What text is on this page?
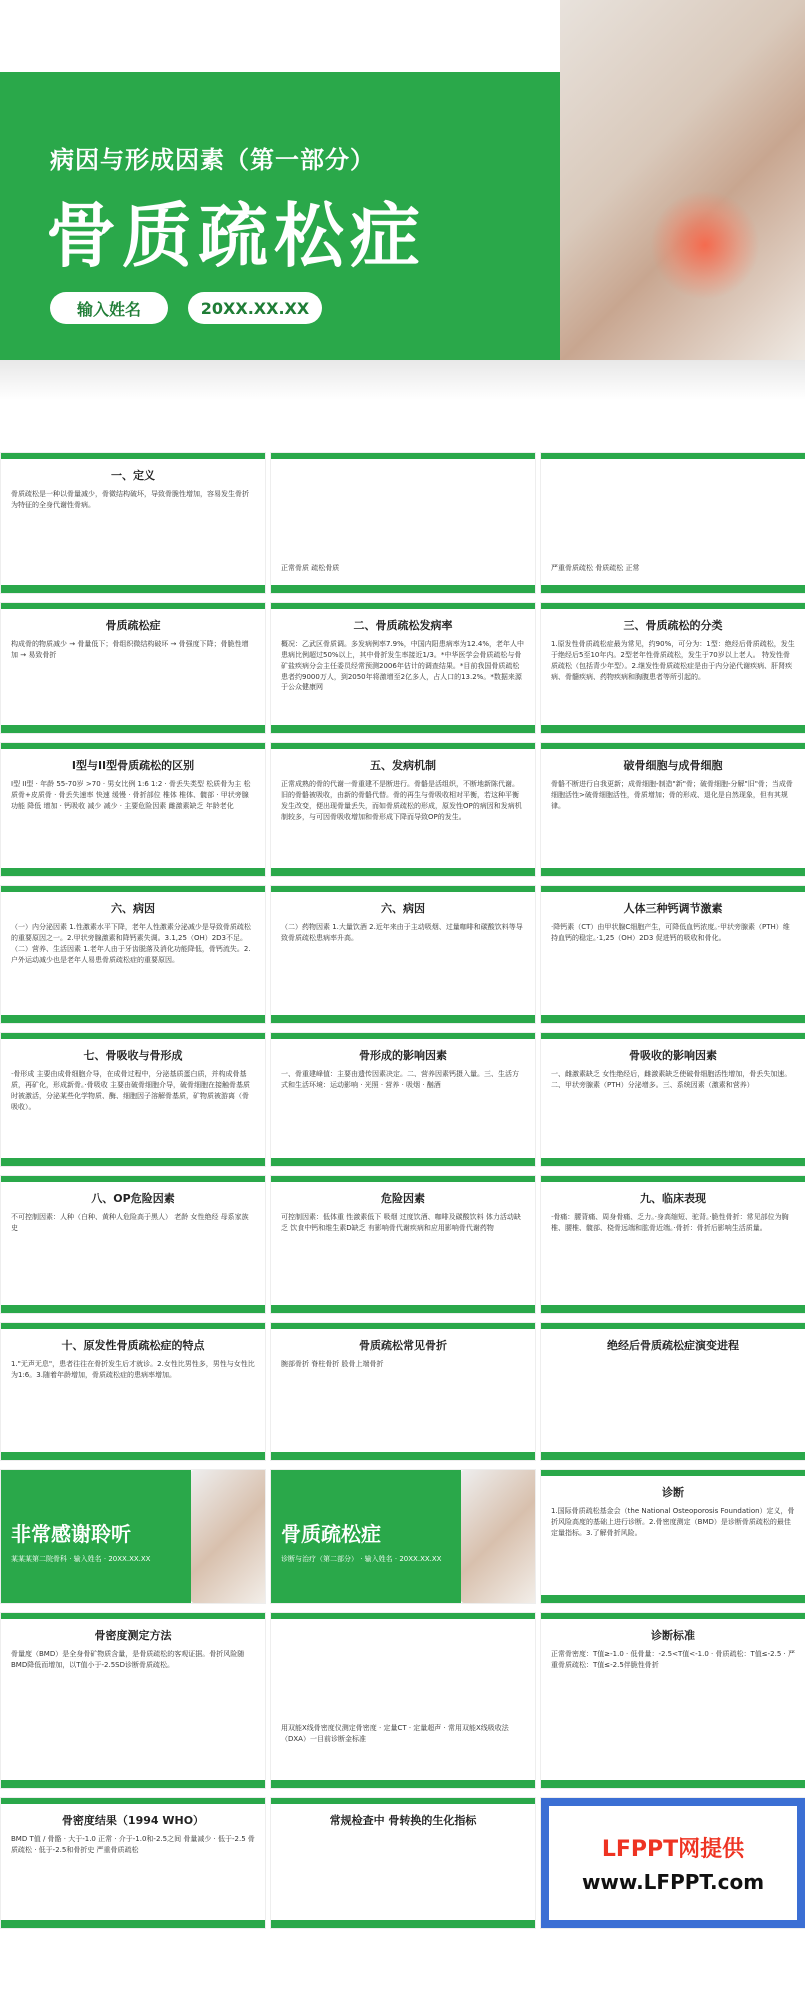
病因与形成因素（第一部分）
骨质疏松症
输入姓名	20XX.XX.XX
一、定义
骨质疏松是一种以骨量减少，骨微结构破坏，导致骨脆性增加，容易发生骨折为特征的全身代谢性骨病。
正常骨质 疏松骨质	严重骨质疏松 骨质疏松 正常
骨质疏松症
构成骨的物质减少 → 骨量低下；骨组织微结构破坏 → 骨强度下降；骨脆性增加 → 易致骨折
二、骨质疏松发病率
概况：乙武区骨质调。多发病例率7.9%，中国内阳患病率为12.4%，老年人中患病比例超过50%以上，其中骨折发生率接近1/3。*中华医学会骨质疏松与骨矿盐疾病分会主任委员经常预测2006年估计的调查结果。*目前我国骨质疏松患者约9000万人，到2050年将激增至2亿多人，占人口的13.2%。*数据来源于公众健康网
三、骨质疏松的分类
1.原发性骨质疏松症最为常见，约90%，可分为：1型：绝经后骨质疏松，发生于绝经后5至10年内。2型老年性骨质疏松，发生于70岁以上老人。 特发性骨质疏松（包括青少年型）。2.继发性骨质疏松症是由于内分泌代谢疾病、肝肾疾病、骨髓疾病、药物疾病和胸腹患者等所引起的。
I型与II型骨质疏松的区别
I型 II型 · 年龄 55-70岁 >70 · 男女比例 1:6 1:2 · 骨丢失类型 松质骨为主 松质骨+皮质骨 · 骨丢失速率 快速 缓慢 · 骨折部位 椎体 椎体、髋部 · 甲状旁腺功能 降低 增加 · 钙吸收 减少 减少 · 主要危险因素 雌激素缺乏 年龄老化
五、发病机制
正常成熟的骨的代谢一骨重建不是断进行。骨骼是活组织，不断地新陈代谢。旧的骨骼被吸收，由新的骨骼代替。骨的再生与骨吸收相对平衡，若这种平衡发生改变，便出现骨量丢失，而如骨质疏松的形成，原发性OP的病因和发病机制较多，与可因骨吸收增加和骨形成下降而导致OP的发生。
破骨细胞与成骨细胞
骨骼不断进行自我更新；成骨细胞-制造"新"骨；破骨细胞-分解"旧"骨；当成骨细胞活性>破骨细胞活性，骨质增加；骨的形成、退化是自然现象，但有其规律。
六、病因
（一）内分泌因素 1.性激素水平下降，老年人性激素分泌减少是导致骨质疏松的重要原因之一。2.甲状旁腺激素和降钙素失调。3.1,25（OH）2D3不足。（二）营养、生活因素 1.老年人由于牙齿脱落及消化功能降低，骨钙流失。2.户外运动减少也是老年人易患骨质疏松症的重要原因。
六、病因
（二）药物因素 1.大量饮酒 2.近年来由于主动吸烟、过量咖啡和碳酸饮料等导致骨质疏松患病率升高。
人体三种钙调节激素
·降钙素（CT）由甲状腺C细胞产生，可降低血钙浓度。·甲状旁腺素（PTH）维持血钙的稳定。·1,25（OH）2D3 促进钙的吸收和骨化。
七、骨吸收与骨形成
·骨形成 主要由成骨细胞介导，在成骨过程中，分泌基质蛋白质，并构成骨基质，再矿化，形成新骨。·骨吸收 主要由破骨细胞介导，破骨细胞在接触骨基质时被激活，分泌某些化学物质、酶、细胞因子溶解骨基质，矿物质被游离（骨吸收）。
骨形成的影响因素
一、骨重建峰值：主要由遗传因素决定。二、营养因素钙摄入量。三、生活方式和生活环境：运动影响 · 光照 · 营养 · 吸烟 · 酗酒
骨吸收的影响因素
一、雌激素缺乏 女性绝经后，雌激素缺乏使破骨细胞活性增加，骨丢失加速。二、甲状旁腺素（PTH）分泌增多。三、系统因素（激素和营养）
八、OP危险因素
不可控制因素：人种（白种、黄种人危险高于黑人） 老龄 女性绝经 母系家族史
危险因素
可控制因素：低体重 性激素低下 吸烟 过度饮酒、咖啡及碳酸饮料 体力活动缺乏 饮食中钙和维生素D缺乏 有影响骨代谢疾病和应用影响骨代谢药物
九、临床表现
·骨痛：腰背痛、周身骨痛、乏力。·身高缩短、驼背。·脆性骨折：常见部位为胸椎、腰椎、髋部、桡骨远端和肱骨近端。·骨折：骨折后影响生活质量。
十、原发性骨质疏松症的特点
1."无声无息"，患者往往在骨折发生后才就诊。2.女性比男性多，男性与女性比为1:6。3.随着年龄增加，骨质疏松症的患病率增加。
骨质疏松常见骨折
腕部骨折 脊柱骨折 股骨上端骨折
绝经后骨质疏松症演变进程
非常感谢聆听
某某某第二院骨科 · 输入姓名 · 20XX.XX.XX
骨质疏松症
诊断与治疗（第二部分） · 输入姓名 · 20XX.XX.XX
诊断
1.国际骨质疏松基金会（the National Osteoporosis Foundation）定义，骨折风险高度的基础上进行诊断。2.骨密度测定（BMD）是诊断骨质疏松的最佳定量指标。3.了解骨折风险。
骨密度测定方法
骨量度（BMD）是全身骨矿物质含量，是骨质疏松的客观证据。骨折风险随BMD降低而增加，以T值小于-2.5SD诊断骨质疏松。
用双能X线骨密度仪测定骨密度 · 定量CT · 定量超声 · 常用双能X线吸收法（DXA）一目前诊断金标准
诊断标准
正常骨密度：T值≥-1.0 · 低骨量：-2.5<T值<-1.0 · 骨质疏松：T值≤-2.5 · 严重骨质疏松：T值≤-2.5伴脆性骨折
骨密度结果（1994 WHO）
BMD T值 / 骨骼 · 大于-1.0 正常 · 介于-1.0和-2.5之间 骨量减少 · 低于-2.5 骨质疏松 · 低于-2.5和骨折史 严重骨质疏松
常规检查中 骨转换的生化指标
LFPPT网提供
www.LFPPT.com
